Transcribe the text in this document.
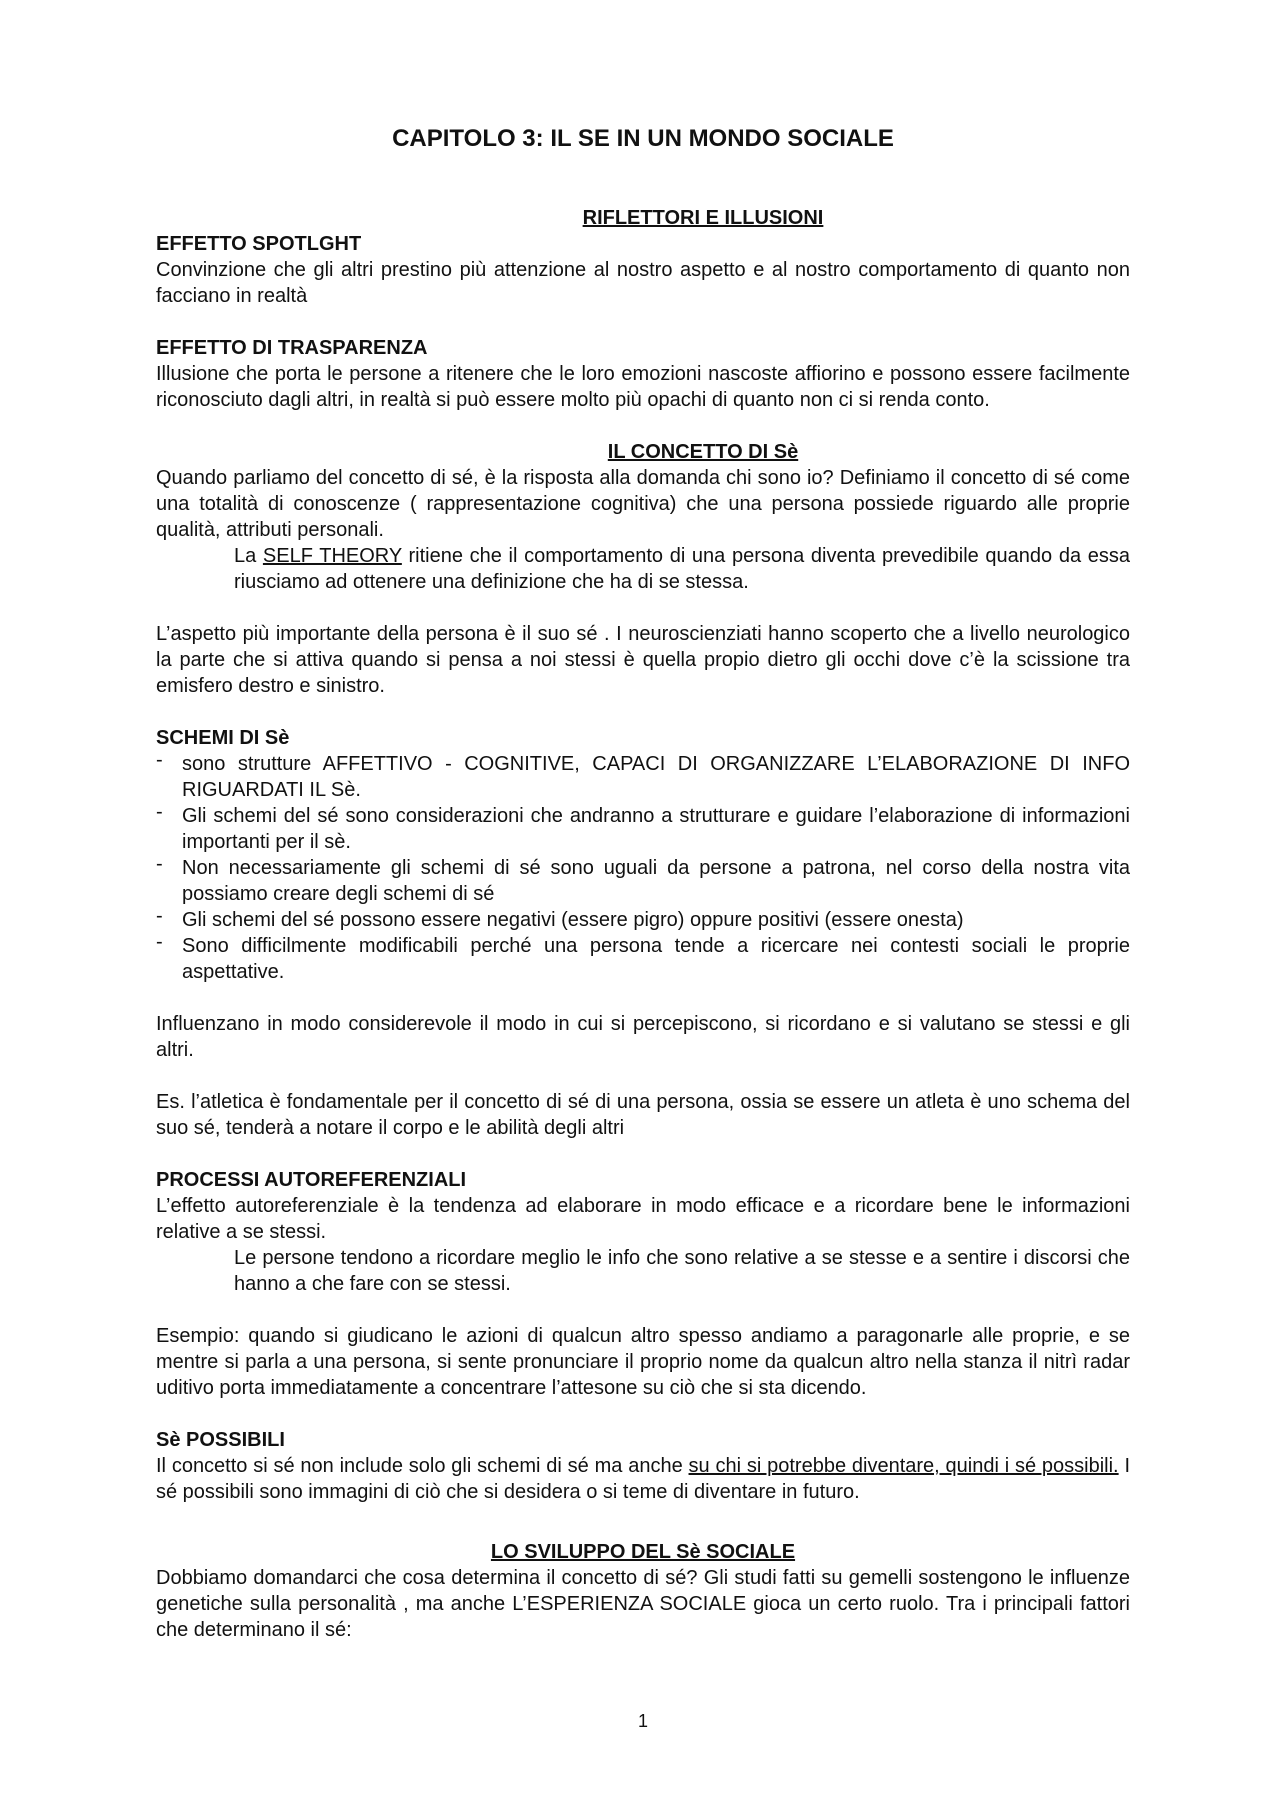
CAPITOLO 3: IL SE IN UN MONDO SOCIALE
RIFLETTORI E ILLUSIONI
EFFETTO SPOTLGHT

Convinzione che gli altri prestino più attenzione al nostro aspetto e al nostro comportamento di quanto non facciano in realtà

EFFETTO DI TRASPARENZA

Illusione che porta le persone a ritenere che le loro emozioni nascoste affiorino e possono essere facilmente riconosciuto dagli altri, in realtà si può essere molto più opachi di quanto non ci si renda conto.

IL CONCETTO DI Sè

Quando parliamo del concetto di sé, è la risposta alla domanda chi sono io? Definiamo il concetto di sé come una totalità di conoscenze ( rappresentazione cognitiva) che una persona possiede riguardo alle proprie qualità, attributi personali.

La SELF THEORY ritiene che il comportamento di una persona diventa prevedibile quando da essa riusciamo ad ottenere una definizione che ha di se stessa.

L’aspetto più importante della persona è il suo sé . I neuroscienziati hanno scoperto che a livello neurologico la parte che si attiva quando si pensa a noi stessi è quella propio dietro gli occhi dove c’è la scissione tra emisfero destro e sinistro.

SCHEMI DI Sè
- sono strutture AFFETTIVO - COGNITIVE, CAPACI DI ORGANIZZARE L’ELABORAZIONE DI INFO RIGUARDATI IL Sè.
- Gli schemi del sé sono considerazioni che andranno a strutturare e guidare l’elaborazione di informazioni importanti per il sè.
- Non necessariamente gli schemi di sé sono uguali da persone a patrona, nel corso della nostra vita possiamo creare degli schemi di sé
- Gli schemi del sé possono essere negativi (essere pigro) oppure positivi (essere onesta)
- Sono difficilmente modificabili perché una persona tende a ricercare nei contesti sociali le proprie aspettative.

Influenzano in modo considerevole il modo in cui si percepiscono, si ricordano e si valutano se stessi e gli altri.

Es. l’atletica è fondamentale per il concetto di sé di una persona, ossia se essere un atleta è uno schema del suo sé, tenderà a notare il corpo e le abilità degli altri

PROCESSI AUTOREFERENZIALI

L’effetto autoreferenziale è la tendenza ad elaborare in modo efficace e a ricordare bene le informazioni relative a se stessi.

Le persone tendono a ricordare meglio le info che sono relative a se stesse e a sentire i discorsi che hanno a che fare con se stessi.

Esempio: quando si giudicano le azioni di qualcun altro spesso andiamo a paragonarle alle proprie, e se mentre si parla a una persona, si sente pronunciare il proprio nome da qualcun altro nella stanza il nitrì radar uditivo porta immediatamente a concentrare l’attesone su ciò che si sta dicendo.

Sè POSSIBILI

Il concetto si sé non include solo gli schemi di sé ma anche su chi si potrebbe diventare, quindi i sé possibili. I sé possibili sono immagini di ciò che si desidera o si teme di diventare in futuro.

LO SVILUPPO DEL Sè SOCIALE

Dobbiamo domandarci che cosa determina il concetto di sé? Gli studi fatti su gemelli sostengono le influenze genetiche sulla personalità , ma anche L’ESPERIENZA SOCIALE gioca un certo ruolo. Tra i principali fattori che determinano il sé:

1
